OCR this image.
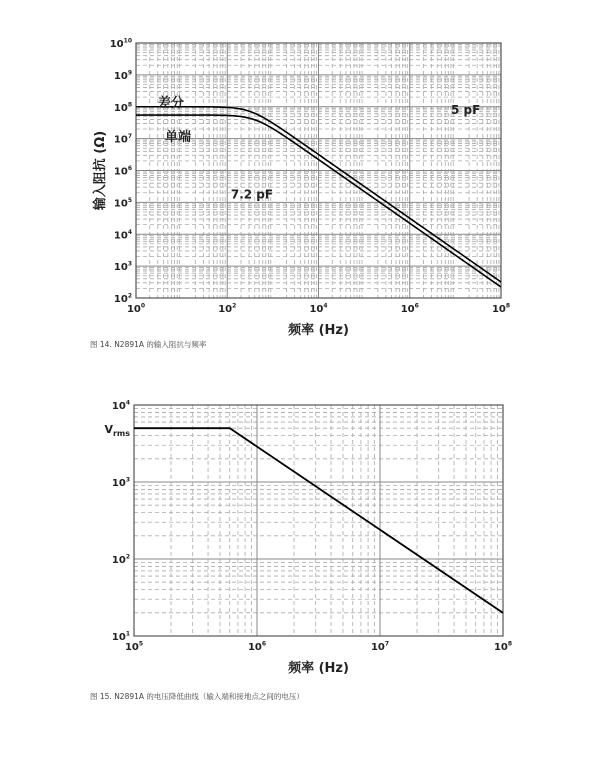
$10^0$	$10^2$	$10^4$	$10^6$	$10^8$
$10^2$
$10^3$
$10^4$
$10^5$
$10^6$
$10^7$
$10^8$
$10^9$
$10^{10}$
频率 (Hz)
输入阻抗 (Ω)
差分
单端
5 pF
7.2 pF
图 14. N2891A 的输入阻抗与频率
$10^5$	$10^6$	$10^7$	$10^8$
$10^1$
$10^2$
$10^3$
$10^4$
频率 (Hz)
$V_{rms}$
图 15. N2891A 的电压降低曲线（输入端和接地点之间的电压）
